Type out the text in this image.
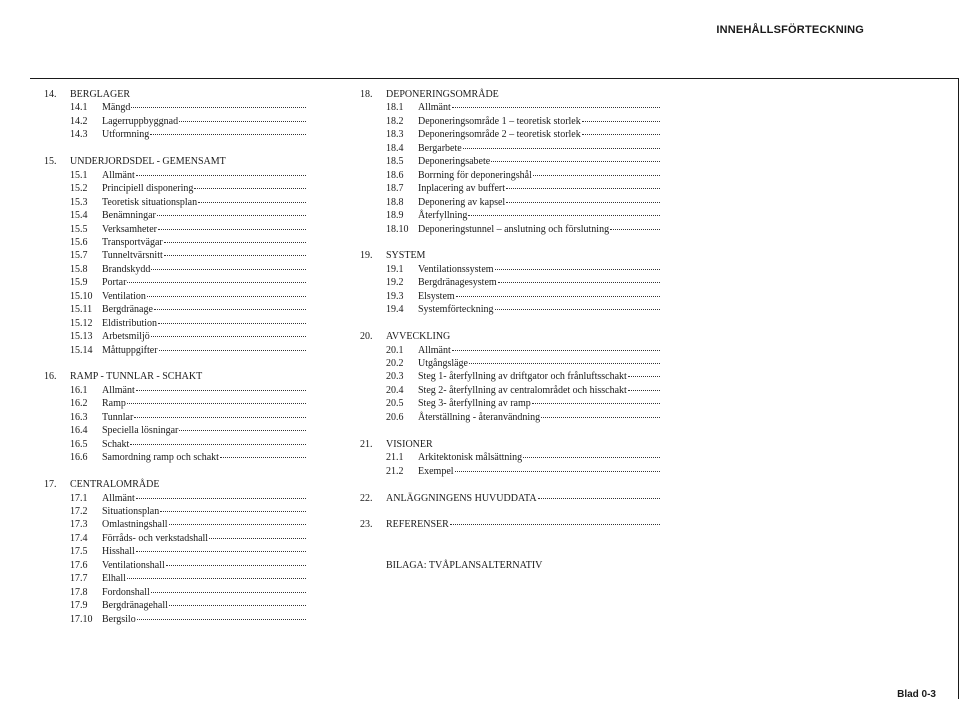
INNEHÅLLSFÖRTECKNING
14.	BERGLAGER
14.1	Mängd
14.2	Lagerruppbyggnad
14.3	Utformning
15.	UNDERJORDSDEL - GEMENSAMT
15.1	Allmänt
15.2	Principiell disponering
15.3	Teoretisk situationsplan
15.4	Benämningar
15.5	Verksamheter
15.6	Transportvägar
15.7	Tunneltvärsnitt
15.8	Brandskydd
15.9	Portar
15.10 Ventilation
15.11 Bergdränage
15.12 Eldistribution
15.13 Arbetsmiljö
15.14 Måttuppgifter
16.	RAMP - TUNNLAR - SCHAKT
16.1	Allmänt
16.2	Ramp
16.3	Tunnlar
16.4	Speciella lösningar
16.5	Schakt
16.6	Samordning ramp och schakt
17.	CENTRALOMRÅDE
17.1	Allmänt
17.2	Situationsplan
17.3	Omlastningshall
17.4	Förråds- och verkstadshall
17.5	Hisshall
17.6	Ventilationshall
17.7	Elhall
17.8	Fordonshall
17.9	Bergdränagehall
17.10 Bergsilo
18.	DEPONERINGSOMRÅDE
18.1	Allmänt
18.2	Deponeringsområde 1 – teoretisk storlek
18.3	Deponeringsområde 2 – teoretisk storlek
18.4	Bergarbete
18.5	Deponeringsabete
18.6	Borrning för deponeringshål
18.7	Inplacering av buffert
18.8	Deponering av kapsel
18.9	Återfyllning
18.10 Deponeringstunnel – anslutning och förslutning
19.	SYSTEM
19.1	Ventilationssystem
19.2	Bergdränagesystem
19.3	Elsystem
19.4	Systemförteckning
20.	AVVECKLING
20.1	Allmänt
20.2	Utgångsläge
20.3	Steg 1- återfyllning av driftgator och frånluftsschakt
20.4	Steg 2- återfyllning av centralområdet och hisschakt
20.5	Steg 3- återfyllning av ramp
20.6	Återställning - återanvändning
21.	VISIONER
21.1	Arkitektonisk målsättning
21.2	Exempel
22.	ANLÄGGNINGENS HUVUDDATA
23.	REFERENSER
BILAGA: TVÅPLANSALTERNATIV
Blad 0-3
